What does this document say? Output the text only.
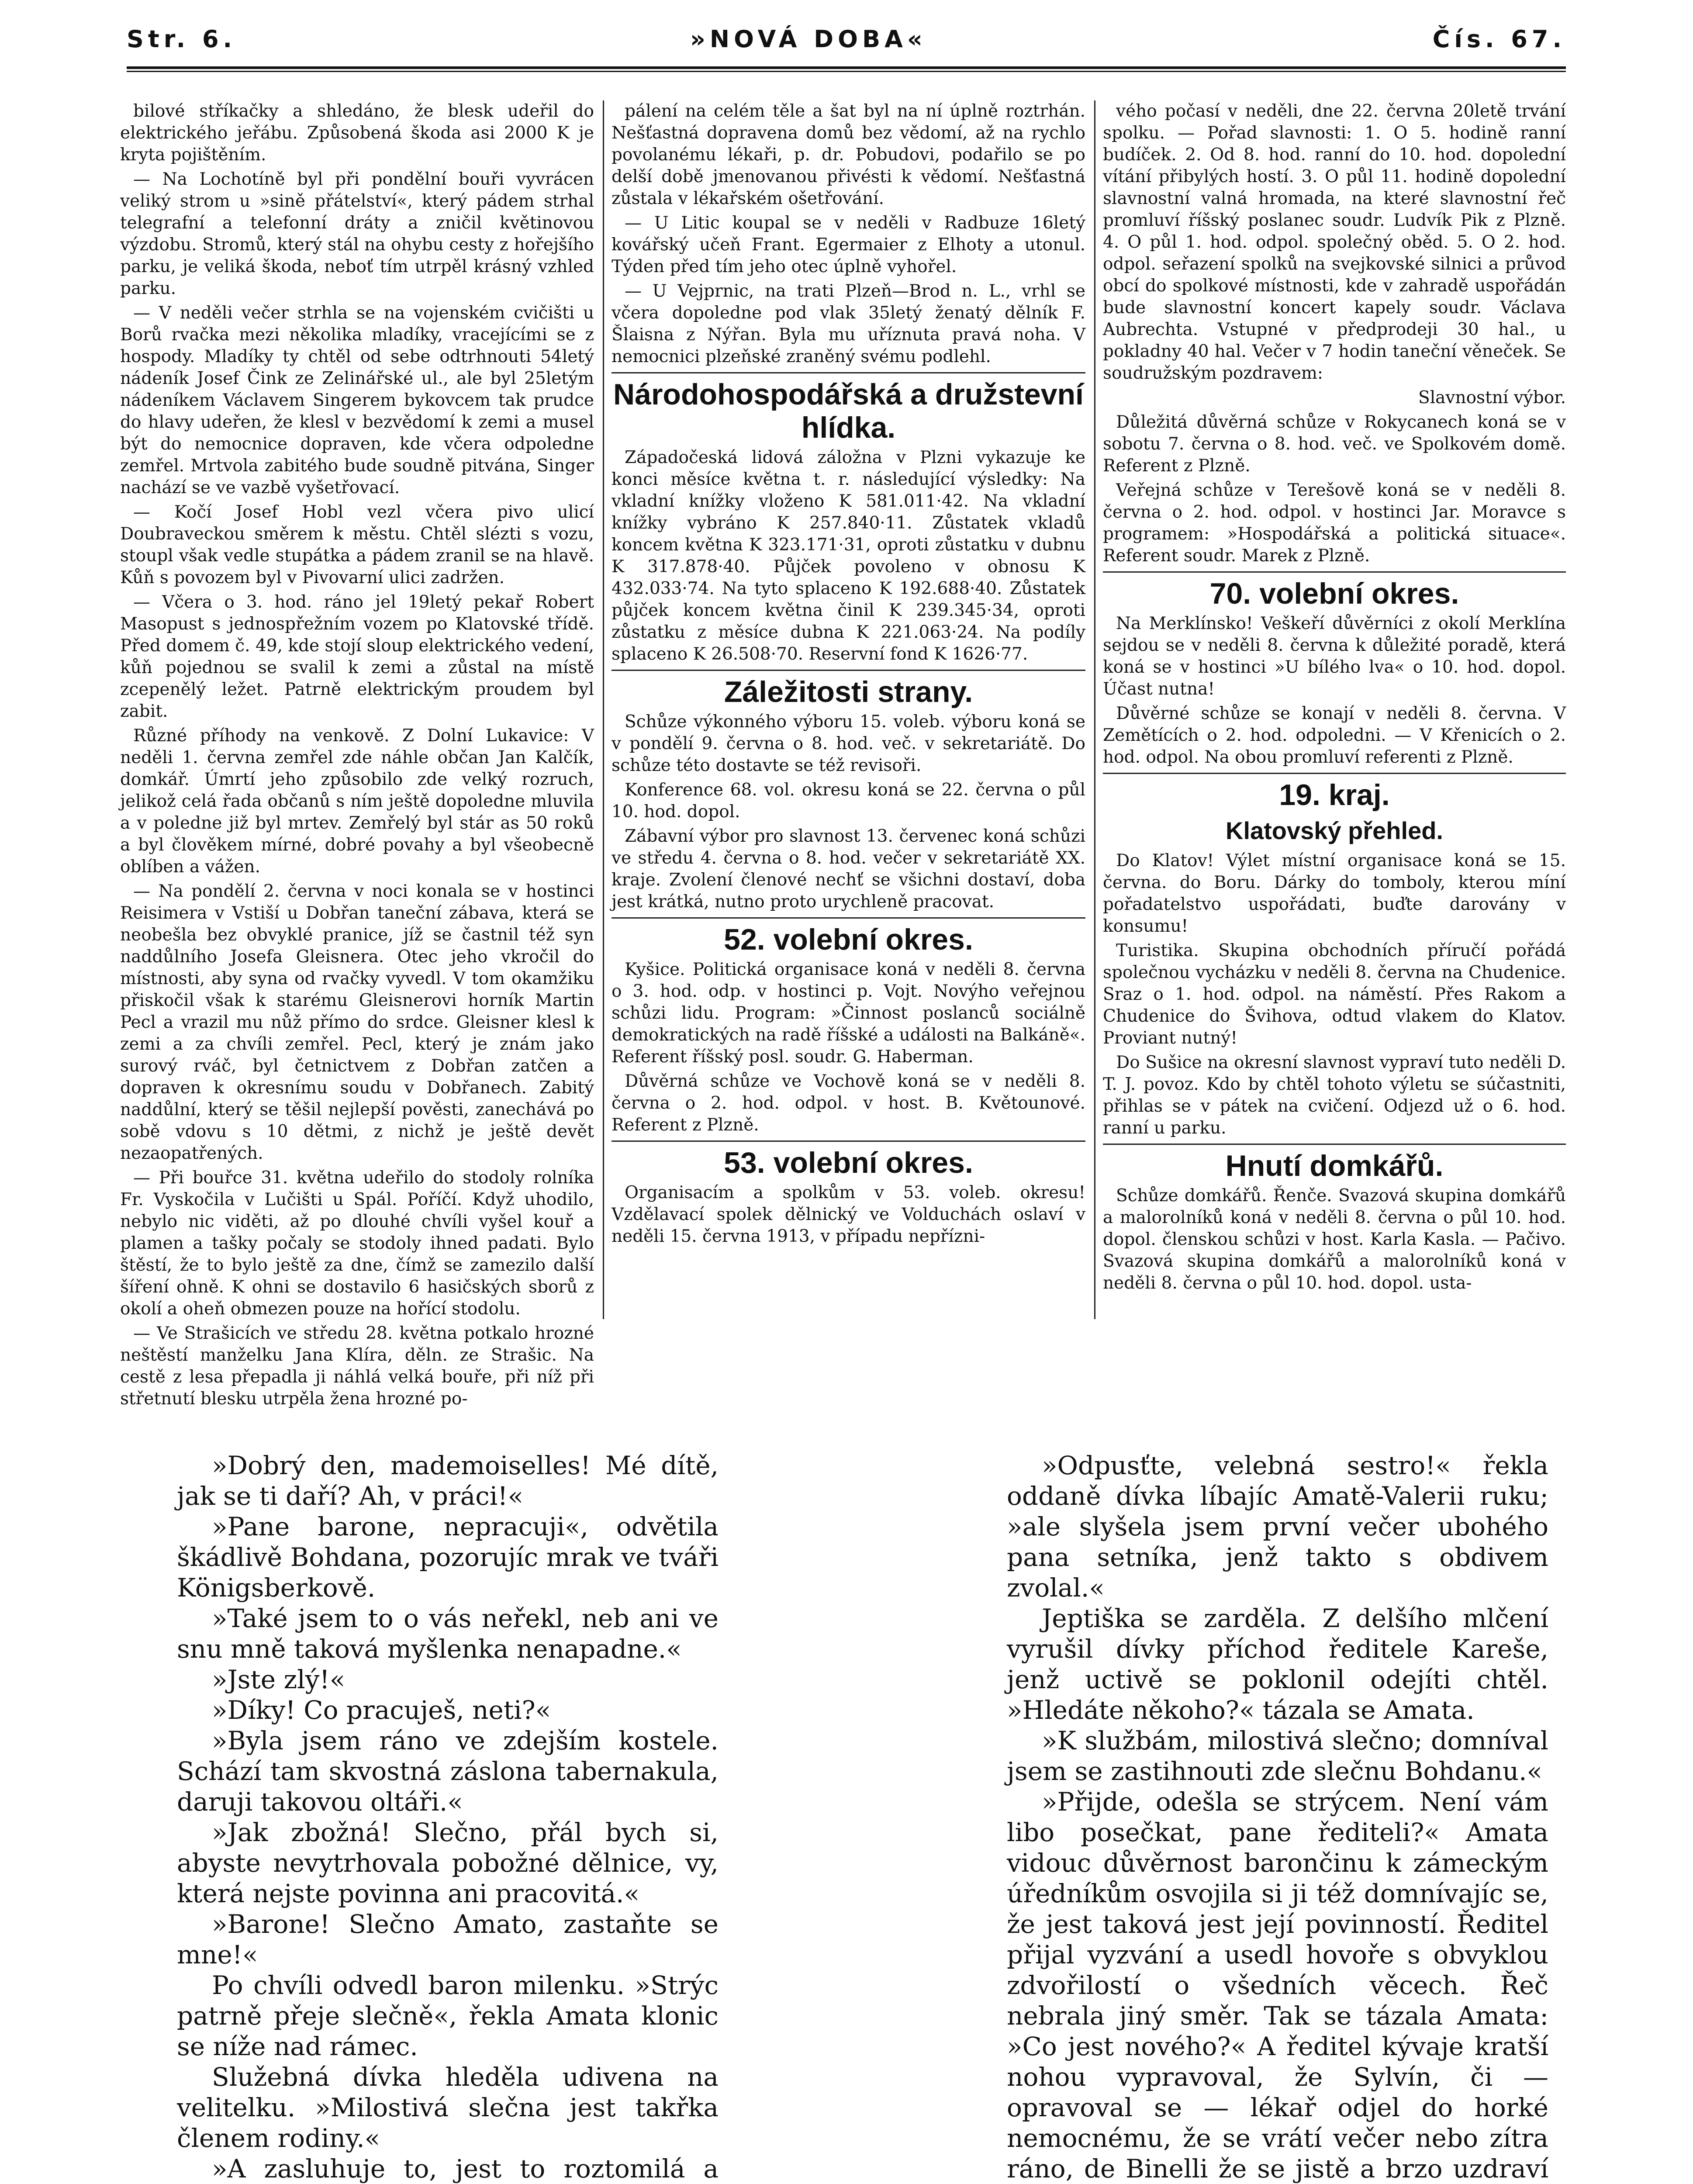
Str. 6.	»NOVÁ DOBA«	Čís. 67.

bilové stříkačky a shledáno, že blesk udeřil do elektrického jeřábu. Způsobená škoda asi 2000 K je kryta pojištěním.

— Na Lochotíně byl při pondělní bouři vyvrácen veliký strom u »sině přátelství«, který pádem strhal telegrafní a telefonní dráty a zničil květinovou výzdobu. Stromů, který stál na ohybu cesty z hořejšího parku, je veliká škoda, neboť tím utrpěl krásný vzhled parku.

— V neděli večer strhla se na vojenském cvičišti u Borů rvačka mezi několika mladíky, vracejícími se z hospody. Mladíky ty chtěl od sebe odtrhnouti 54letý nádeník Josef Čink ze Zelinářské ul., ale byl 25letým nádeníkem Václavem Singerem bykovcem tak prudce do hlavy udeřen, že klesl v bezvědomí k zemi a musel být do nemocnice dopraven, kde včera odpoledne zemřel. Mrtvola zabitého bude soudně pitvána, Singer nachází se ve vazbě vyšetřovací.

— Kočí Josef Hobl vezl včera pivo ulicí Doubraveckou směrem k městu. Chtěl slézti s vozu, stoupl však vedle stupátka a pádem zranil se na hlavě. Kůň s povozem byl v Pivovarní ulici zadržen.

— Včera o 3. hod. ráno jel 19letý pekař Robert Masopust s jednospřežním vozem po Klatovské třídě. Před domem č. 49, kde stojí sloup elektrického vedení, kůň pojednou se svalil k zemi a zůstal na místě zcepenělý ležet. Patrně elektrickým proudem byl zabit.

Různé příhody na venkově. Z Dolní Lukavice: V neděli 1. června zemřel zde náhle občan Jan Kalčík, domkář. Úmrtí jeho způsobilo zde velký rozruch, jelikož celá řada občanů s ním ještě dopoledne mluvila a v poledne již byl mrtev. Zemřelý byl stár as 50 roků a byl člověkem mírné, dobré povahy a byl všeobecně oblíben a vážen.

— Na pondělí 2. června v noci konala se v hostinci Reisimera v Vstiší u Dobřan taneční zábava, která se neobešla bez obvyklé pranice, jíž se častnil též syn naddůlního Josefa Gleisnera. Otec jeho vkročil do místnosti, aby syna od rvačky vyvedl. V tom okamžiku přiskočil však k starému Gleisnerovi horník Martin Pecl a vrazil mu nůž přímo do srdce. Gleisner klesl k zemi a za chvíli zemřel. Pecl, který je znám jako surový rváč, byl četnictvem z Dobřan zatčen a dopraven k okresnímu soudu v Dobřanech. Zabitý naddůlní, který se těšil nejlepší pověsti, zanechává po sobě vdovu s 10 dětmi, z nichž je ještě devět nezaopatřených.

— Při bouřce 31. května udeřilo do stodoly rolníka Fr. Vyskočila v Lučišti u Spál. Poříčí. Když uhodilo, nebylo nic viděti, až po dlouhé chvíli vyšel kouř a plamen a tašky počaly se stodoly ihned padati. Bylo štěstí, že to bylo ještě za dne, čímž se zamezilo další šíření ohně. K ohni se dostavilo 6 hasičských sborů z okolí a oheň obmezen pouze na hořící stodolu.

— Ve Strašicích ve středu 28. května potkalo hrozné neštěstí manželku Jana Klíra, děln. ze Strašic. Na cestě z lesa přepadla ji náhlá velká bouře, při níž při střetnutí blesku utrpěla žena hrozné po-

pálení na celém těle a šat byl na ní úplně roztrhán. Nešťastná dopravena domů bez vědomí, až na rychlo povolanému lékaři, p. dr. Pobudovi, podařilo se po delší době jmenovanou přivésti k vědomí. Nešťastná zůstala v lékařském ošetřování.

— U Litic koupal se v neděli v Radbuze 16letý kovářský učeň Frant. Egermaier z Elhoty a utonul. Týden před tím jeho otec úplně vyhořel.

— U Vejprnic, na trati Plzeň—Brod n. L., vrhl se včera dopoledne pod vlak 35letý ženatý dělník F. Šlaisna z Nýřan. Byla mu uříznuta pravá noha. V nemocnici plzeňské zraněný svému podlehl.

Národohospodářská a družstevní hlídka.

Západočeská lidová záložna v Plzni vykazuje ke konci měsíce května t. r. následující výsledky: Na vkladní knížky vloženo K 581.011·42. Na vkladní knížky vybráno K 257.840·11. Zůstatek vkladů koncem května K 323.171·31, oproti zůstatku v dubnu K 317.878·40. Půjček povoleno v obnosu K 432.033·74. Na tyto splaceno K 192.688·40. Zůstatek půjček koncem května činil K 239.345·34, oproti zůstatku z měsíce dubna K 221.063·24. Na podíly splaceno K 26.508·70. Reservní fond K 1626·77.

Záležitosti strany.

Schůze výkonného výboru 15. voleb. výboru koná se v pondělí 9. června o 8. hod. več. v sekretariátě. Do schůze této dostavte se též revisoři.

Konference 68. vol. okresu koná se 22. června o půl 10. hod. dopol.

Zábavní výbor pro slavnost 13. červenec koná schůzi ve středu 4. června o 8. hod. večer v sekretariátě XX. kraje. Zvolení členové nechť se všichni dostaví, doba jest krátká, nutno proto urychleně pracovat.

52. volební okres.

Kyšice. Politická organisace koná v neděli 8. června o 3. hod. odp. v hostinci p. Vojt. Novýho veřejnou schůzi lidu. Program: »Činnost poslanců sociálně demokratických na radě říšské a události na Balkáně«. Referent říšský posl. soudr. G. Haberman.

Důvěrná schůze ve Vochově koná se v neděli 8. června o 2. hod. odpol. v host. B. Květounové. Referent z Plzně.

53. volební okres.

Organisacím a spolkům v 53. voleb. okresu! Vzdělavací spolek dělnický ve Volduchách oslaví v neděli 15. června 1913, v případu nepřízni-

vého počasí v neděli, dne 22. června 20letě trvání spolku. — Pořad slavnosti: 1. O 5. hodině ranní budíček. 2. Od 8. hod. ranní do 10. hod. dopolední vítání přibylých hostí. 3. O půl 11. hodině dopolední slavnostní valná hromada, na které slavnostní řeč promluví říšský poslanec soudr. Ludvík Pik z Plzně. 4. O půl 1. hod. odpol. společný oběd. 5. O 2. hod. odpol. seřazení spolků na svejkovské silnici a průvod obcí do spolkové místnosti, kde v zahradě uspořádán bude slavnostní koncert kapely soudr. Václava Aubrechta. Vstupné v předprodeji 30 hal., u pokladny 40 hal. Večer v 7 hodin taneční věneček. Se soudružským pozdravem:

Slavnostní výbor.

Důležitá důvěrná schůze v Rokycanech koná se v sobotu 7. června o 8. hod. več. ve Spolkovém domě. Referent z Plzně.

Veřejná schůze v Terešově koná se v neděli 8. června o 2. hod. odpol. v hostinci Jar. Moravce s programem: »Hospodářská a politická situace«. Referent soudr. Marek z Plzně.

70. volební okres.

Na Merklínsko! Veškeří důvěrníci z okolí Merklína sejdou se v neděli 8. června k důležité poradě, která koná se v hostinci »U bílého lva« o 10. hod. dopol. Účast nutna!

Důvěrné schůze se konají v neděli 8. června. V Zemětících o 2. hod. odpoledni. — V Křenicích o 2. hod. odpol. Na obou promluví referenti z Plzně.

19. kraj.

Klatovský přehled.

Do Klatov! Výlet místní organisace koná se 15. června. do Boru. Dárky do tomboly, kterou míní pořadatelstvo uspořádati, buďte darovány v konsumu!

Turistika. Skupina obchodních příručí pořádá společnou vycházku v neděli 8. června na Chudenice. Sraz o 1. hod. odpol. na náměstí. Přes Rakom a Chudenice do Švihova, odtud vlakem do Klatov. Proviant nutný!

Do Sušice na okresní slavnost vypraví tuto neděli D. T. J. povoz. Kdo by chtěl tohoto výletu se súčastniti, přihlas se v pátek na cvičení. Odjezd už o 6. hod. ranní u parku.

Hnutí domkářů.

Schůze domkářů. Řenče. Svazová skupina domkářů a malorolníků koná v neděli 8. června o půl 10. hod. dopol. členskou schůzi v host. Karla Kasla. — Pačivo. Svazová skupina domkářů a malorolníků koná v neděli 8. června o půl 10. hod. dopol. usta-

»Dobrý den, mademoiselles! Mé dítě, jak se ti daří? Ah, v práci!«

»Pane barone, nepracuji«, odvětila škádlivě Bohdana, pozorujíc mrak ve tváři Königsberkově.

»Také jsem to o vás neřekl, neb ani ve snu mně taková myšlenka nenapadne.«

»Jste zlý!«

»Díky! Co pracuješ, neti?«

»Byla jsem ráno ve zdejším kostele. Schází tam skvostná záslona tabernakula, daruji takovou oltáři.«

»Jak zbožná! Slečno, přál bych si, abyste nevytrhovala pobožné dělnice, vy, která nejste povinna ani pracovitá.«

»Barone! Slečno Amato, zastaňte se mne!«

Po chvíli odvedl baron milenku. »Strýc patrně přeje slečně«, řekla Amata klonic se níže nad rámec.

Služebná dívka hleděla udivena na velitelku. »Milostivá slečna jest takřka členem rodiny.«

»A zasluhuje to, jest to roztomilá a

»Odpusťte, velebná sestro!« řekla oddaně dívka líbajíc Amatě-Valerii ruku; »ale slyšela jsem první večer ubohého pana setníka, jenž takto s obdivem zvolal.«

Jeptiška se zarděla. Z delšího mlčení vyrušil dívky příchod ředitele Kareše, jenž uctivě se poklonil odejíti chtěl. »Hledáte někoho?« tázala se Amata.

»K službám, milostivá slečno; domníval jsem se zastihnouti zde slečnu Bohdanu.«

»Přijde, odešla se strýcem. Není vám libo posečkat, pane řediteli?« Amata vidouc důvěrnost barončinu k zámeckým úředníkům osvojila si ji též domnívajíc se, že jest taková jest její povinností. Ředitel přijal vyzvání a usedl hovoře s obvyklou zdvořilostí o všedních věcech. Řeč nebrala jiný směr. Tak se tázala Amata: »Co jest nového?« A ředitel kývaje kratší nohou vypravoval, že Sylvín, či — opravoval se — lékař odjel do horké nemocnému, že se vrátí večer nebo zítra ráno, de Binelli že se jistě a brzo uzdraví
